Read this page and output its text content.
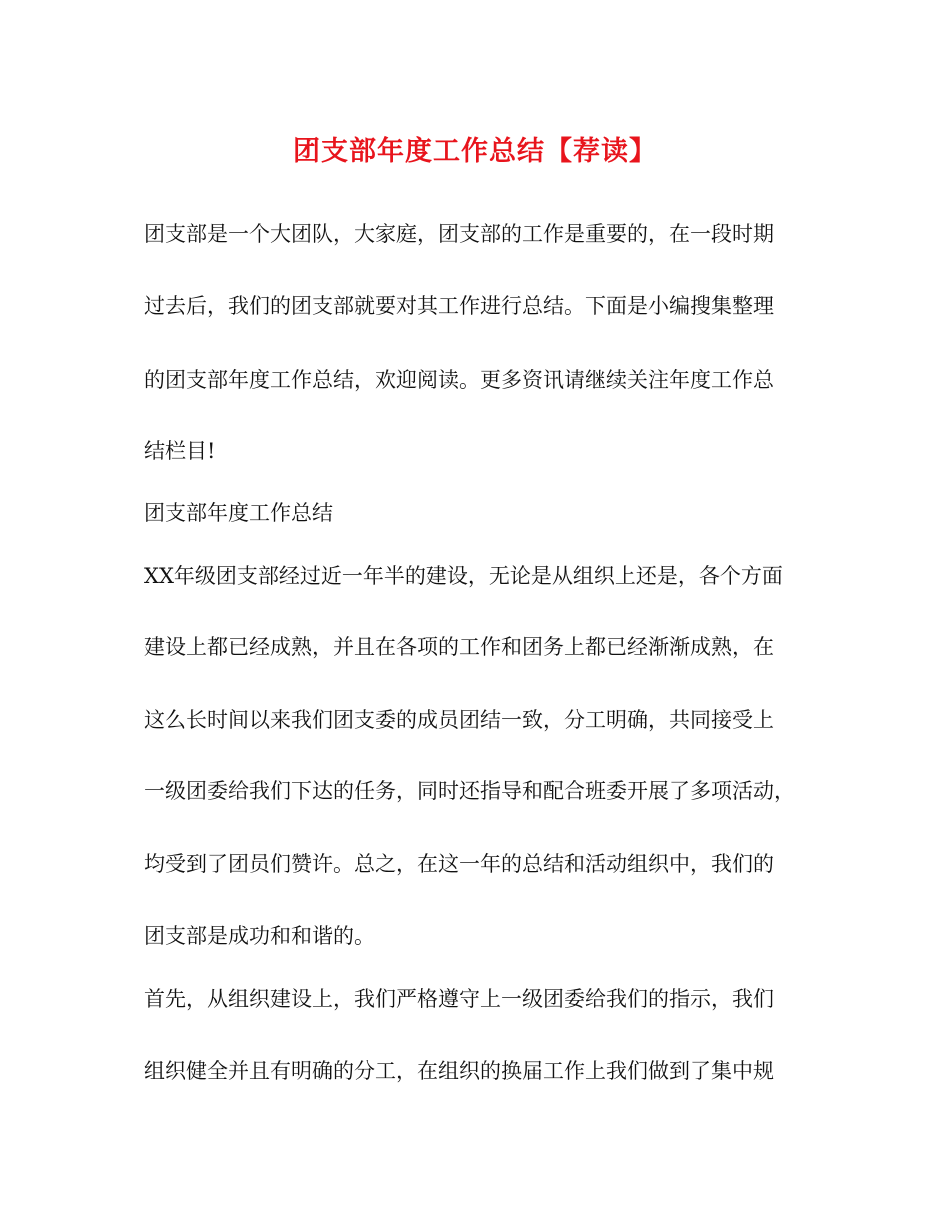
团支部年度工作总结【荐读】
团支部是一个大团队，大家庭，团支部的工作是重要的，在一段时期
过去后，我们的团支部就要对其工作进行总结。下面是小编搜集整理
的团支部年度工作总结，欢迎阅读。更多资讯请继续关注年度工作总
结栏目!
团支部年度工作总结
XX年级团支部经过近一年半的建设，无论是从组织上还是，各个方面
建设上都已经成熟，并且在各项的工作和团务上都已经渐渐成熟，在
这么长时间以来我们团支委的成员团结一致，分工明确，共同接受上
一级团委给我们下达的任务，同时还指导和配合班委开展了多项活动，
均受到了团员们赞许。总之，在这一年的总结和活动组织中，我们的
团支部是成功和和谐的。
首先，从组织建设上，我们严格遵守上一级团委给我们的指示，我们
组织健全并且有明确的分工，在组织的换届工作上我们做到了集中规
